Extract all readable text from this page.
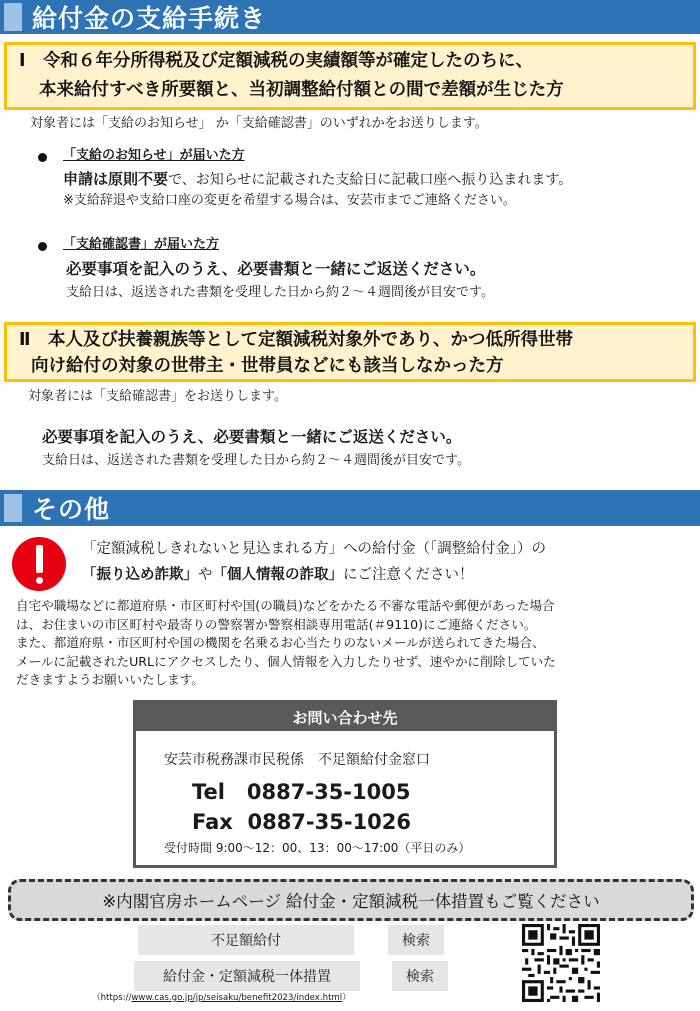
給付金の支給手続き
Ⅰ　令和６年分所得税及び定額減税の実績額等が確定したのちに、
本来給付すべき所要額と、当初調整給付額との間で差額が生じた方
対象者には「支給のお知らせ」 か「支給確認書」のいずれかをお送りします。
「支給のお知らせ」が届いた方
申請は原則不要で、お知らせに記載された支給日に記載口座へ振り込まれます。
※支給辞退や支給口座の変更を希望する場合は、安芸市までご連絡ください。
「支給確認書」が届いた方
必要事項を記入のうえ、必要書類と一緒にご返送ください。
支給日は、返送された書類を受理した日から約２～４週間後が目安です。
Ⅱ　本人及び扶養親族等として定額減税対象外であり、かつ低所得世帯
向け給付の対象の世帯主・世帯員などにも該当しなかった方
対象者には「支給確認書」をお送りします。
必要事項を記入のうえ、必要書類と一緒にご返送ください。
支給日は、返送された書類を受理した日から約２～４週間後が目安です。
その他
「定額減税しきれないと見込まれる方」への給付金（「調整給付金」）の
「振り込め詐欺」や「個人情報の詐取」にご注意ください！
自宅や職場などに都道府県・市区町村や国(の職員)などをかたる不審な電話や郵便があった場合
は、お住まいの市区町村や最寄りの警察署か警察相談専用電話(＃9110)にご連絡ください。
また、都道府県・市区町村や国の機関を名乗るお心当たりのないメールが送られてきた場合、
メールに記載されたURLにアクセスしたり、個人情報を入力したりせず、速やかに削除していた
だきますようお願いいたします。
お問い合わせ先
安芸市税務課市民税係　不足額給付金窓口
Tel 0887-35-1005
Fax 0887-35-1026
受付時間 9:00～12：00、13：00～17:00（平日のみ）
※内閣官房ホームページ 給付金・定額減税一体措置もご覧ください
不足額給付	検索
給付金・定額減税一体措置	検索
（https://www.cas.go.jp/jp/seisaku/benefit2023/index.html）
